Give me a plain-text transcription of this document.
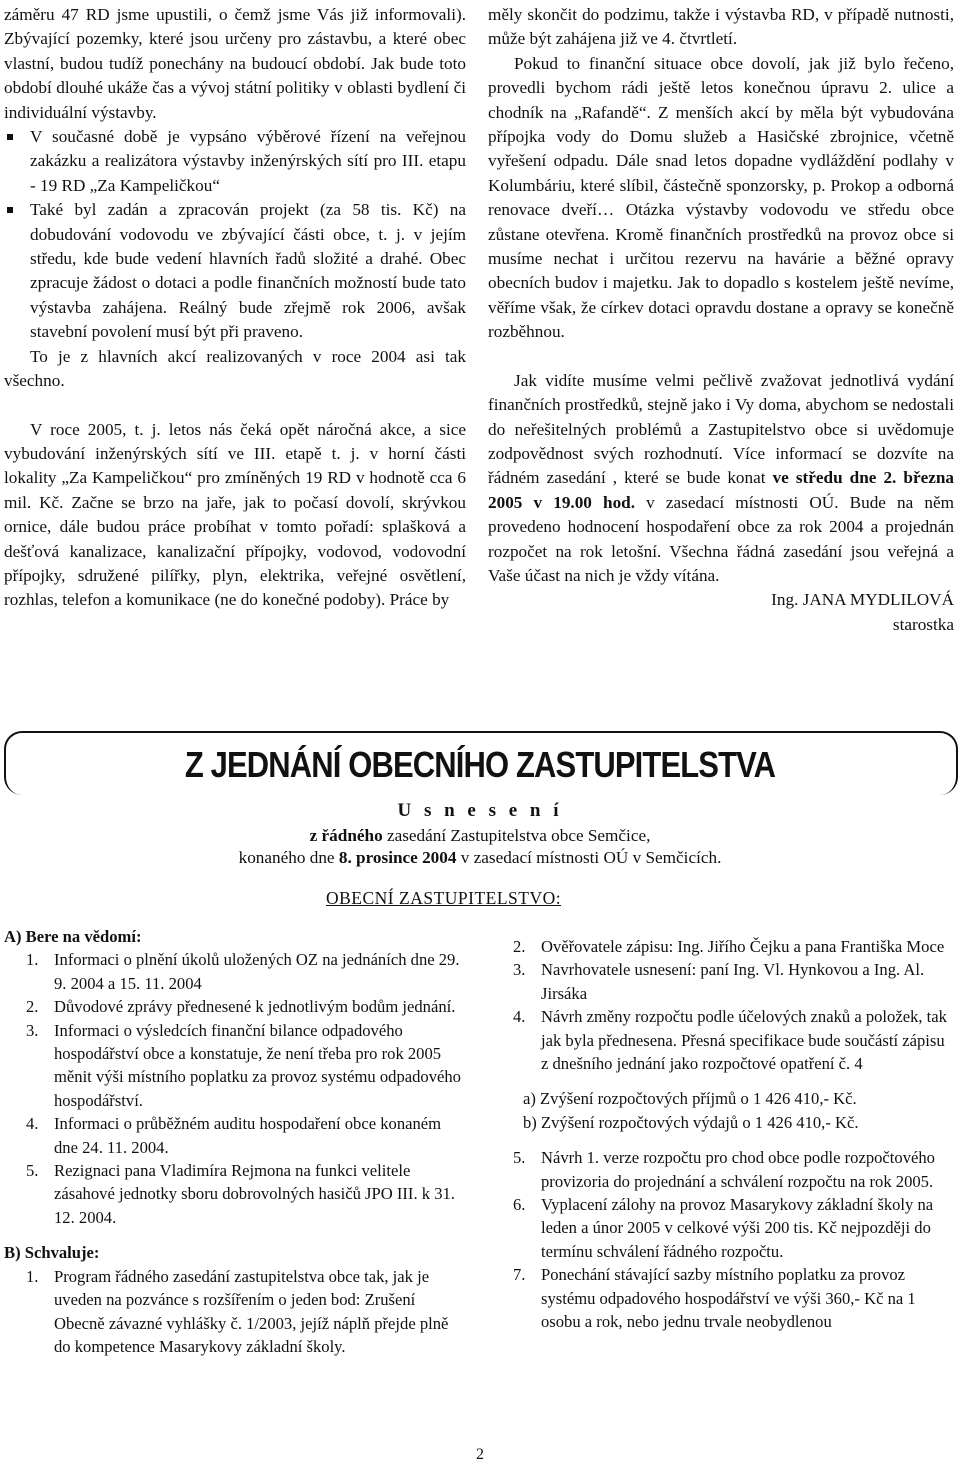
záměru 47 RD jsme upustili, o čemž jsme Vás již informovali). Zbývající pozemky, které jsou určeny pro zástavbu, a které obec vlastní, budou tudíž ponechány na budoucí období. Jak bude toto období dlouhé ukáže čas a vývoj státní politiky v oblasti bydlení či individuální výstavby.

V současné době je vypsáno výběrové řízení na veřejnou zakázku a realizátora výstavby inženýrských sítí pro III. etapu - 19 RD „Za Kampeličkou“

Také byl zadán a zpracován projekt (za 58 tis. Kč) na dobudování vodovodu ve zbývající části obce, t. j. v jejím středu, kde bude vedení hlavních řadů složité a drahé. Obec zpracuje žádost o dotaci a podle finančních možností bude tato výstavba zahájena. Reálný bude zřejmě rok 2006, avšak stavební povolení musí být při praveno.

To je z hlavních akcí realizovaných v roce 2004 asi tak všechno.

V roce 2005, t. j. letos nás čeká opět náročná akce, a sice vybudování inženýrských sítí ve III. etapě t. j. v horní části lokality „Za Kampeličkou“ pro zmíněných 19 RD v hodnotě cca 6 mil. Kč. Začne se brzo na jaře, jak to počasí dovolí, skrývkou ornice, dále budou práce probíhat v tomto pořadí: splašková a dešťová kanalizace, kanalizační přípojky, vodovod, vodovodní přípojky, sdružené pilířky, plyn, elektrika, veřejné osvětlení, rozhlas, telefon a komunikace (ne do konečné podoby). Práce by

měly skončit do podzimu, takže i výstavba RD, v případě nutnosti, může být zahájena již ve 4. čtvrtletí.

Pokud to finanční situace obce dovolí, jak již bylo řečeno, provedli bychom rádi ještě letos konečnou úpravu 2. ulice a chodník na „Rafandě“. Z menších akcí by měla být vybudována přípojka vody do Domu služeb a Hasičské zbrojnice, včetně vyřešení odpadu. Dále snad letos dopadne vydláždění podlahy v Kolumbáriu, které slíbil, částečně sponzorsky, p. Prokop a odborná renovace dveří… Otázka výstavby vodovodu ve středu obce zůstane otevřena. Kromě finančních prostředků na provoz obce si musíme nechat i určitou rezervu na havárie a běžné opravy obecních budov i majetku. Jak to dopadlo s kostelem ještě nevíme, věříme však, že církev dotaci opravdu dostane a opravy se konečně rozběhnou.

Jak vidíte musíme velmi pečlivě zvažovat jednotlivá vydání finančních prostředků, stejně jako i Vy doma, abychom se nedostali do neřešitelných problémů a Zastupitelstvo obce si uvědomuje zodpovědnost svých rozhodnutí. Více informací se dozvíte na řádném zasedání , které se bude konat ve středu dne 2. března 2005 v 19.00 hod. v zasedací místnosti OÚ. Bude na něm provedeno hodnocení hospodaření obce za rok 2004 a projednán rozpočet na rok letošní. Všechna řádná zasedání jsou veřejná a Vaše účast na nich je vždy vítána.

Ing. JANA MYDLILOVÁ

starostka

Z JEDNÁNÍ OBECNÍHO ZASTUPITELSTVA
U s n e s e n í
z řádného zasedání Zastupitelstva obce Semčice,
konaného dne 8. prosince 2004 v zasedací místnosti OÚ v Semčicích.
OBECNÍ ZASTUPITELSTVO:

A) Bere na vědomí:

1. Informaci o plnění úkolů uložených OZ na jednáních dne 29. 9. 2004 a 15. 11. 2004

2. Důvodové zprávy přednesené k jednotlivým bodům jednání.

3. Informaci o výsledcích finanční bilance odpadového hospodářství obce a konstatuje, že není třeba pro rok 2005 měnit výši místního poplatku za provoz systému odpadového hospodářství.

4. Informaci o průběžném auditu hospodaření obce konaném dne 24. 11. 2004.

5. Rezignaci pana Vladimíra Rejmona na funkci velitele zásahové jednotky sboru dobrovolných hasičů JPO III. k 31. 12. 2004.

B) Schvaluje:

1. Program řádného zasedání zastupitelstva obce tak, jak je uveden na pozvánce s rozšířením o jeden bod: Zrušení Obecně závazné vyhlášky č. 1/2003, jejíž náplň přejde plně do kompetence Masarykovy základní školy.

2. Ověřovatele zápisu: Ing. Jiřího Čejku a pana Františka Moce

3. Navrhovatele usnesení: paní Ing. Vl. Hynkovou a Ing. Al. Jirsáka

4. Návrh změny rozpočtu podle účelových znaků a položek, tak jak byla přednesena. Přesná specifikace bude součástí zápisu z dnešního jednání jako rozpočtové opatření č. 4

a) Zvýšení rozpočtových příjmů o 1 426 410,- Kč.

b) Zvýšení rozpočtových výdajů o 1 426 410,- Kč.

5. Návrh 1. verze rozpočtu pro chod obce podle rozpočtového provizoria do projednání a schválení rozpočtu na rok 2005.

6. Vyplacení zálohy na provoz Masarykovy základní školy na leden a únor 2005 v celkové výši 200 tis. Kč nejpozději do termínu schválení řádného rozpočtu.

7. Ponechání stávající sazby místního poplatku za provoz systému odpadového hospodářství ve výši 360,- Kč na 1 osobu a rok, nebo jednu trvale neobydlenou

2
